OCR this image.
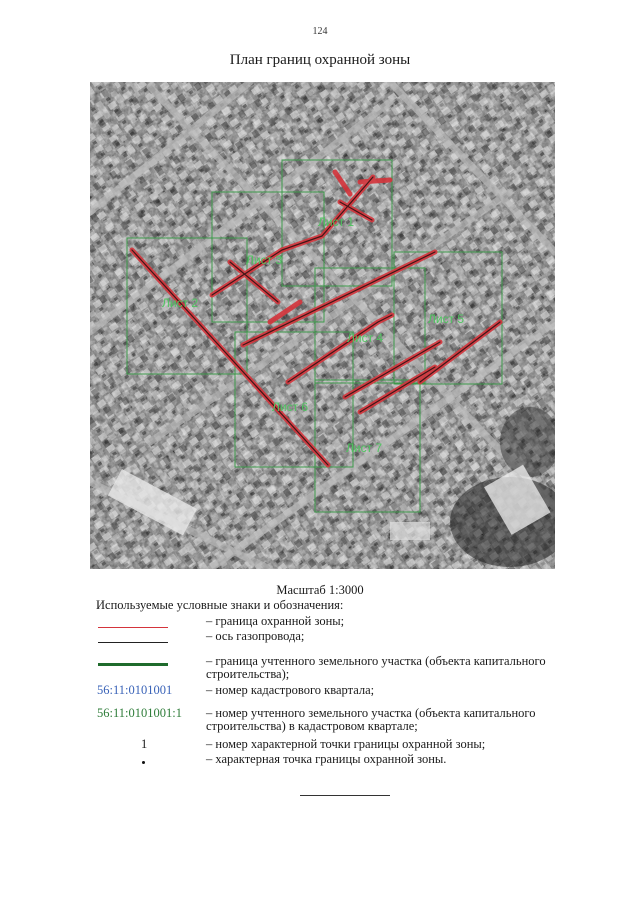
124
План границ охранной зоны
Лист 1
Лист 2
Лист 3
Лист 4
Лист 5
Лист 6
Лист 7
Масштаб 1:3000
Используемые условные знаки и обозначения:
– граница охранной зоны;
– ось газопровода;
– граница учтенного земельного участка (объекта капитального строительства);
56:11:0101001	– номер кадастрового квартала;
56:11:0101001:1 – номер учтенного земельного участка (объекта капитального строительства) в кадастровом квартале;
1	– номер характерной точки границы охранной зоны;
– характерная точка границы охранной зоны.
